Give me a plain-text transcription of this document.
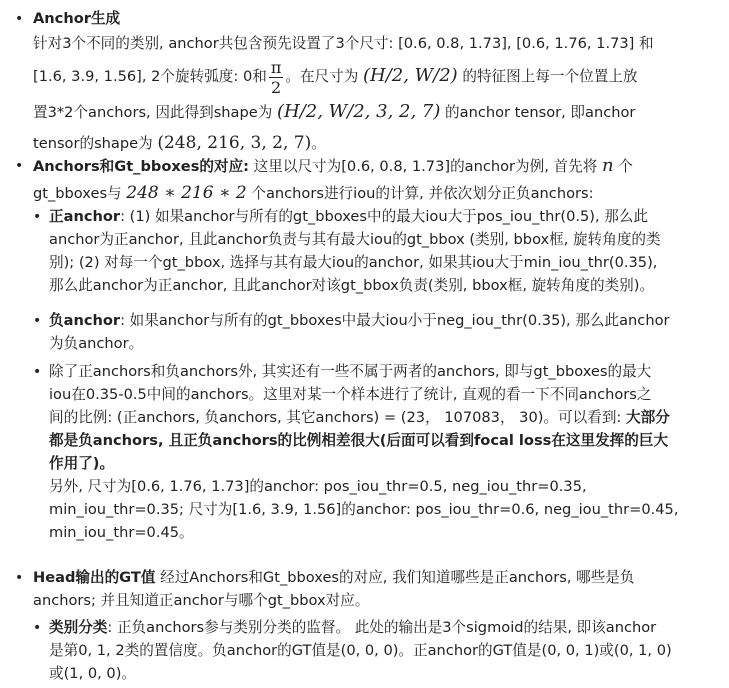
• Anchor生成

针对3个不同的类别, anchor共包含预先设置了3个尺寸: [0.6, 0.8, 1.73], [0.6, 1.76, 1.73] 和

[1.6, 3.9, 1.56], 2个旋转弧度: 0和 $\frac{\pi}{2}$ 。在尺寸为 (H/2, W/2) 的特征图上每一个位置上放

置3*2个anchors, 因此得到shape为 (H/2, W/2, 3, 2, 7) 的anchor tensor, 即anchor

tensor的shape为 (248, 216, 3, 2, 7)。

• Anchors和Gt_bboxes的对应: 这里以尺寸为[0.6, 0.8, 1.73]的anchor为例, 首先将 n 个

gt_bboxes与 248 ∗ 216 ∗ 2 个anchors进行iou的计算, 并依次划分正负anchors:

• 正anchor: (1) 如果anchor与所有的gt_bboxes中的最大iou大于pos_iou_thr(0.5), 那么此

anchor为正anchor, 且此anchor负责与其有最大iou的gt_bbox (类别, bbox框, 旋转角度的类

别); (2) 对每一个gt_bbox, 选择与其有最大iou的anchor, 如果其iou大于min_iou_thr(0.35),

那么此anchor为正anchor, 且此anchor对该gt_bbox负责(类别, bbox框, 旋转角度的类别)。

• 负anchor: 如果anchor与所有的gt_bboxes中最大iou小于neg_iou_thr(0.35), 那么此anchor

为负anchor。

• 除了正anchors和负anchors外, 其实还有一些不属于两者的anchors, 即与gt_bboxes的最大

iou在0.35-0.5中间的anchors。这里对某一个样本进行了统计, 直观的看一下不同anchors之

间的比例: (正anchors, 负anchors, 其它anchors) = (23， 107083， 30)。可以看到: 大部分

都是负anchors, 且正负anchors的比例相差很大(后面可以看到focal loss在这里发挥的巨大

作用了)。

另外, 尺寸为[0.6, 1.76, 1.73]的anchor: pos_iou_thr=0.5, neg_iou_thr=0.35,

min_iou_thr=0.35; 尺寸为[1.6, 3.9, 1.56]的anchor: pos_iou_thr=0.6, neg_iou_thr=0.45,

min_iou_thr=0.45。

• Head输出的GT值 经过Anchors和Gt_bboxes的对应, 我们知道哪些是正anchors, 哪些是负

anchors; 并且知道正anchor与哪个gt_bbox对应。

• 类别分类: 正负anchors参与类别分类的监督。 此处的输出是3个sigmoid的结果, 即该anchor

是第0, 1, 2类的置信度。负anchor的GT值是(0, 0, 0)。正anchor的GT值是(0, 0, 1)或(0, 1, 0)

或(1, 0, 0)。
